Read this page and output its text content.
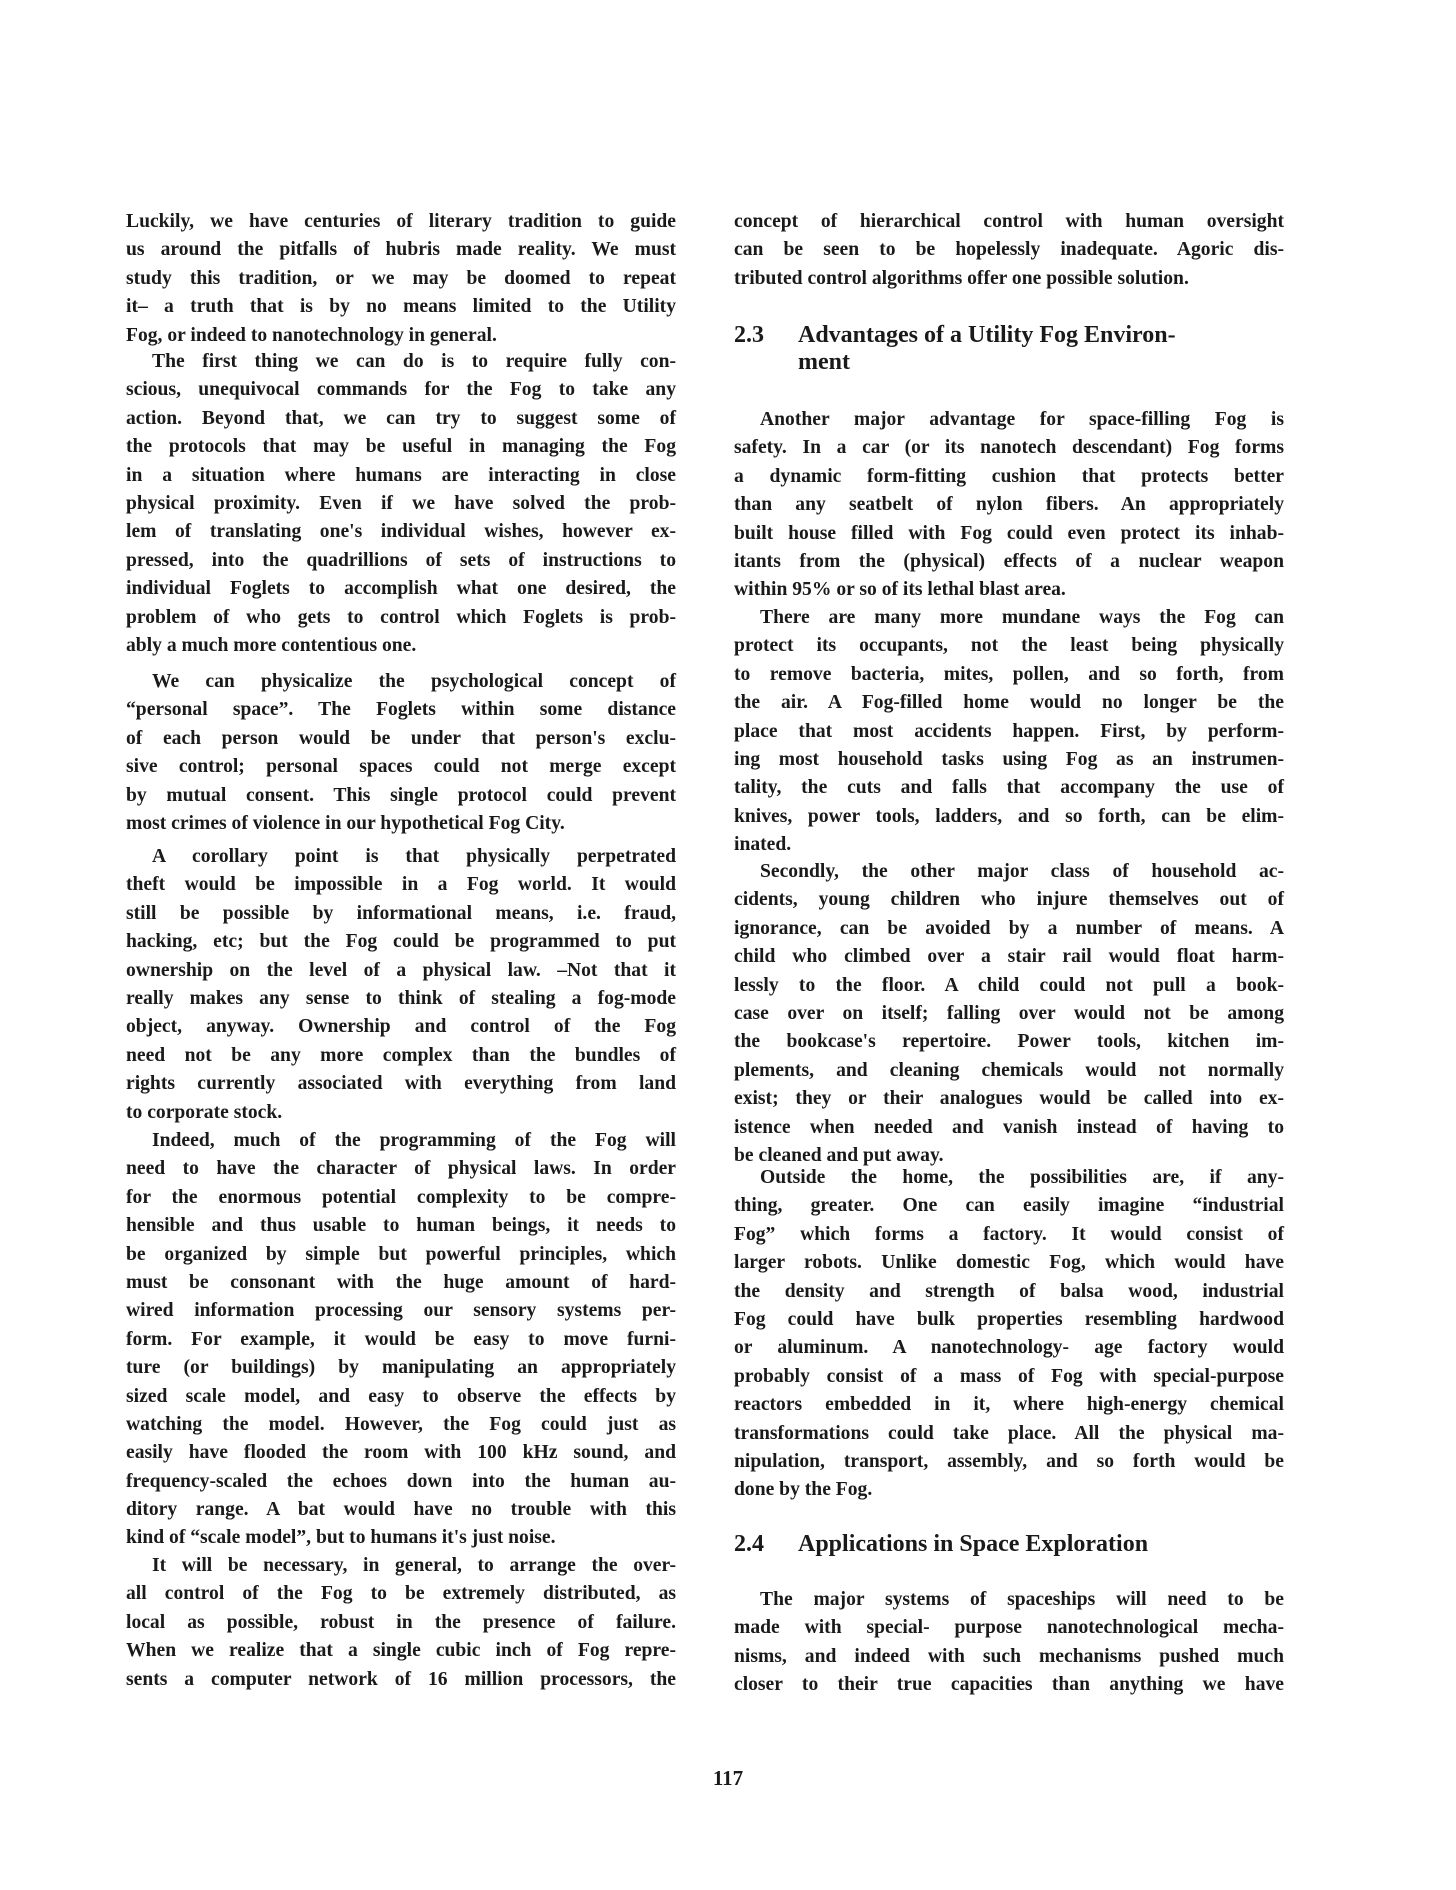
Luckily, we have centuries of literary tradition to guide
us around the pitfalls of hubris made reality. We must
study this tradition, or we may be doomed to repeat
it– a truth that is by no means limited to the Utility
Fog, or indeed to nanotechnology in general.
The first thing we can do is to require fully con-
scious, unequivocal commands for the Fog to take any
action. Beyond that, we can try to suggest some of
the protocols that may be useful in managing the Fog
in a situation where humans are interacting in close
physical proximity. Even if we have solved the prob-
lem of translating one's individual wishes, however ex-
pressed, into the quadrillions of sets of instructions to
individual Foglets to accomplish what one desired, the
problem of who gets to control which Foglets is prob-
ably a much more contentious one.
We can physicalize the psychological concept of
“personal space”. The Foglets within some distance
of each person would be under that person's exclu-
sive control; personal spaces could not merge except
by mutual consent. This single protocol could prevent
most crimes of violence in our hypothetical Fog City.
A corollary point is that physically perpetrated
theft would be impossible in a Fog world. It would
still be possible by informational means, i.e. fraud,
hacking, etc; but the Fog could be programmed to put
ownership on the level of a physical law. –Not that it
really makes any sense to think of stealing a fog-mode
object, anyway. Ownership and control of the Fog
need not be any more complex than the bundles of
rights currently associated with everything from land
to corporate stock.
Indeed, much of the programming of the Fog will
need to have the character of physical laws. In order
for the enormous potential complexity to be compre-
hensible and thus usable to human beings, it needs to
be organized by simple but powerful principles, which
must be consonant with the huge amount of hard-
wired information processing our sensory systems per-
form. For example, it would be easy to move furni-
ture (or buildings) by manipulating an appropriately
sized scale model, and easy to observe the effects by
watching the model. However, the Fog could just as
easily have flooded the room with 100 kHz sound, and
frequency-scaled the echoes down into the human au-
ditory range. A bat would have no trouble with this
kind of “scale model”, but to humans it's just noise.
It will be necessary, in general, to arrange the over-
all control of the Fog to be extremely distributed, as
local as possible, robust in the presence of failure.
When we realize that a single cubic inch of Fog repre-
sents a computer network of 16 million processors, the
concept of hierarchical control with human oversight
can be seen to be hopelessly inadequate. Agoric dis-
tributed control algorithms offer one possible solution.
2.3 Advantages of a Utility Fog Environ-
ment
Another major advantage for space-filling Fog is
safety. In a car (or its nanotech descendant) Fog forms
a dynamic form-fitting cushion that protects better
than any seatbelt of nylon fibers. An appropriately
built house filled with Fog could even protect its inhab-
itants from the (physical) effects of a nuclear weapon
within 95% or so of its lethal blast area.
There are many more mundane ways the Fog can
protect its occupants, not the least being physically
to remove bacteria, mites, pollen, and so forth, from
the air. A Fog-filled home would no longer be the
place that most accidents happen. First, by perform-
ing most household tasks using Fog as an instrumen-
tality, the cuts and falls that accompany the use of
knives, power tools, ladders, and so forth, can be elim-
inated.
Secondly, the other major class of household ac-
cidents, young children who injure themselves out of
ignorance, can be avoided by a number of means. A
child who climbed over a stair rail would float harm-
lessly to the floor. A child could not pull a book-
case over on itself; falling over would not be among
the bookcase's repertoire. Power tools, kitchen im-
plements, and cleaning chemicals would not normally
exist; they or their analogues would be called into ex-
istence when needed and vanish instead of having to
be cleaned and put away.
Outside the home, the possibilities are, if any-
thing, greater. One can easily imagine “industrial
Fog” which forms a factory. It would consist of
larger robots. Unlike domestic Fog, which would have
the density and strength of balsa wood, industrial
Fog could have bulk properties resembling hardwood
or aluminum. A nanotechnology- age factory would
probably consist of a mass of Fog with special-purpose
reactors embedded in it, where high-energy chemical
transformations could take place. All the physical ma-
nipulation, transport, assembly, and so forth would be
done by the Fog.
2.4 Applications in Space Exploration
The major systems of spaceships will need to be
made with special- purpose nanotechnological mecha-
nisms, and indeed with such mechanisms pushed much
closer to their true capacities than anything we have
117
